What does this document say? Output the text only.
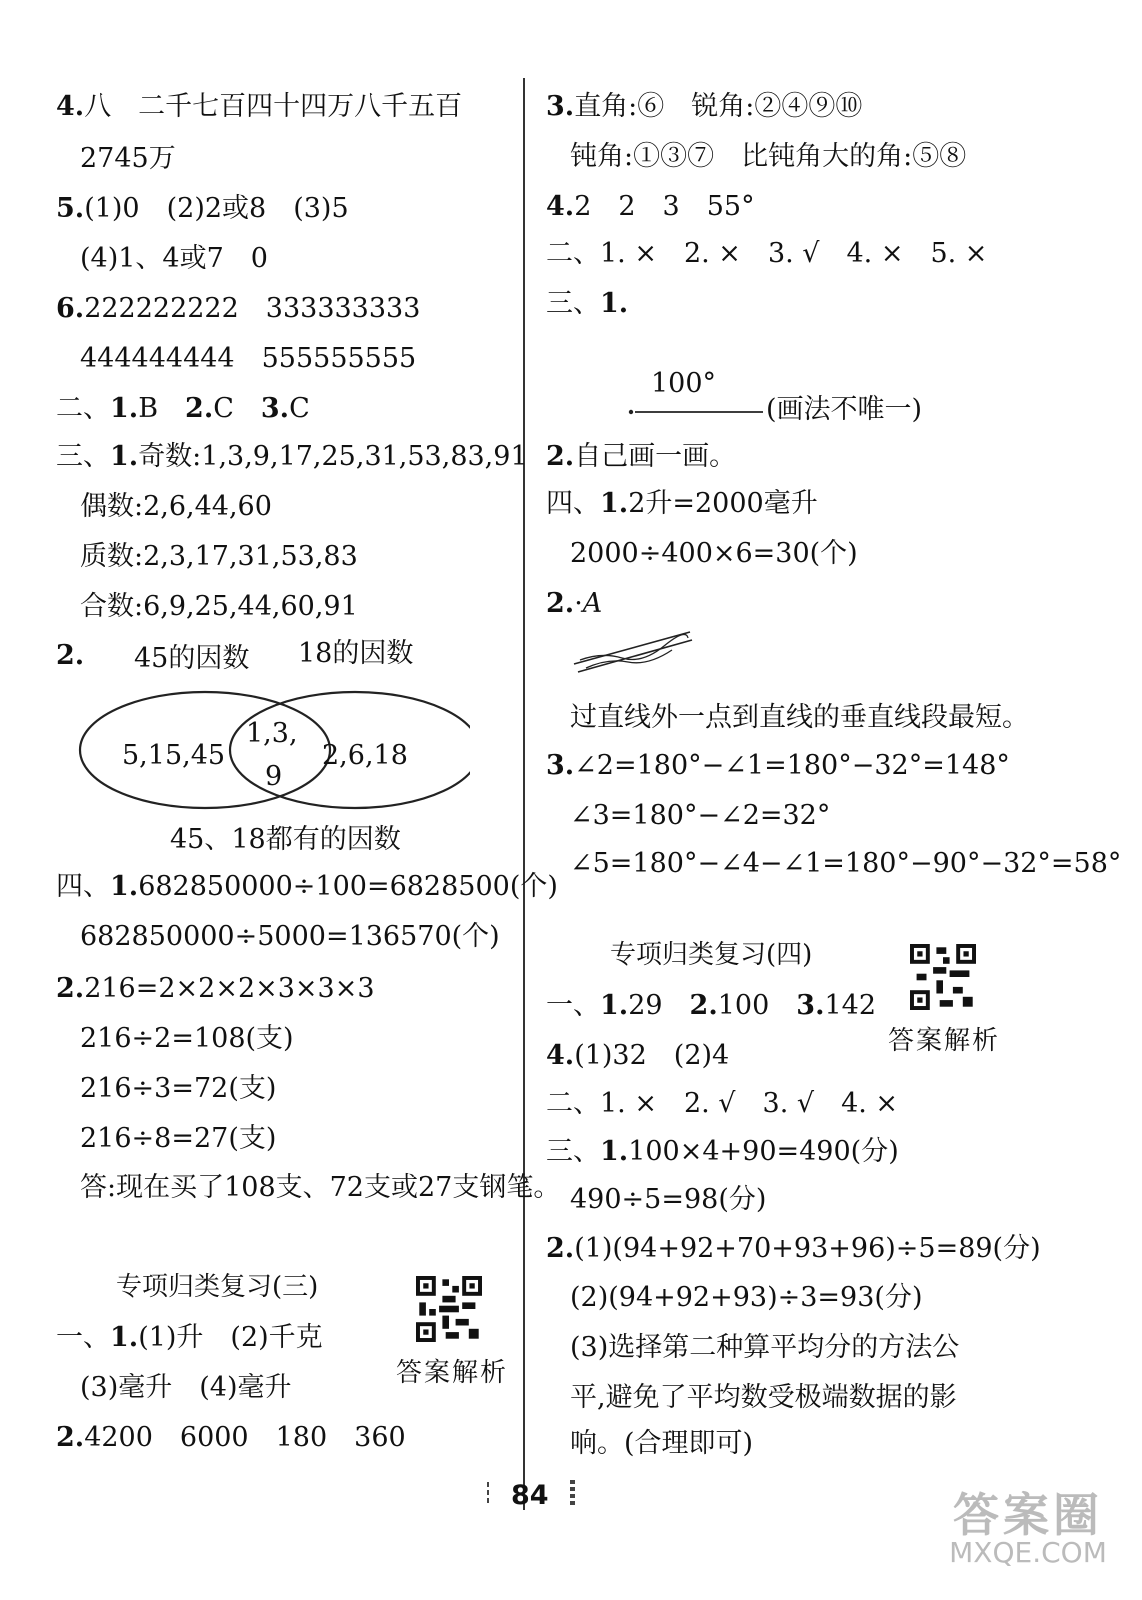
4.八　二千七百四十四万八千五百
2745万
5.(1)0　(2)2或8　(3)5
(4)1、4或7　0
6.222222222　333333333
444444444　555555555
二、1.B　2.C　3.C
三、1.奇数:1,3,9,17,25,31,53,83,91
偶数:2,6,44,60
质数:2,3,17,31,53,83
合数:6,9,25,44,60,91
2. 45的因数 18的因数
5,15,45
1,3,
9
2,6,18
45、18都有的因数
四、1.682850000÷100=6828500(个)
682850000÷5000=136570(个)
2.216=2×2×2×3×3×3
216÷2=108(支)
216÷3=72(支)
216÷8=27(支)
答:现在买了108支、72支或27支钢笔。
专项归类复习(三)
答案解析
一、1.(1)升　(2)千克
(3)毫升　(4)毫升
2.4200　6000　180　360
3.直角:⑥　锐角:②④⑨⑩
钝角:①③⑦　比钝角大的角:⑤⑧
4.2　2　3　55°
二、1. ×　 2. ×　 3. √　 4. ×　 5. ×
三、1.
100°
(画法不唯一)
2.自己画一画。
四、1.2升=2000毫升
2000÷400×6=30(个)
2.·A
过直线外一点到直线的垂直线段最短。
3.∠2=180°−∠1=180°−32°=148°
∠3=180°−∠2=32°
∠5=180°−∠4−∠1=180°−90°−32°=58°
专项归类复习(四)
答案解析
一、1.29　2.100　3.142
4.(1)32　(2)4
二、1. ×　 2. √　 3. √　 4. ×
三、1.100×4+90=490(分)
490÷5=98(分)
2.(1)(94+92+70+93+96)÷5=89(分)
(2)(94+92+93)÷3=93(分)
(3)选择第二种算平均分的方法公
平,避免了平均数受极端数据的影
响。(合理即可)
84	答案圈
MXQE.COM
